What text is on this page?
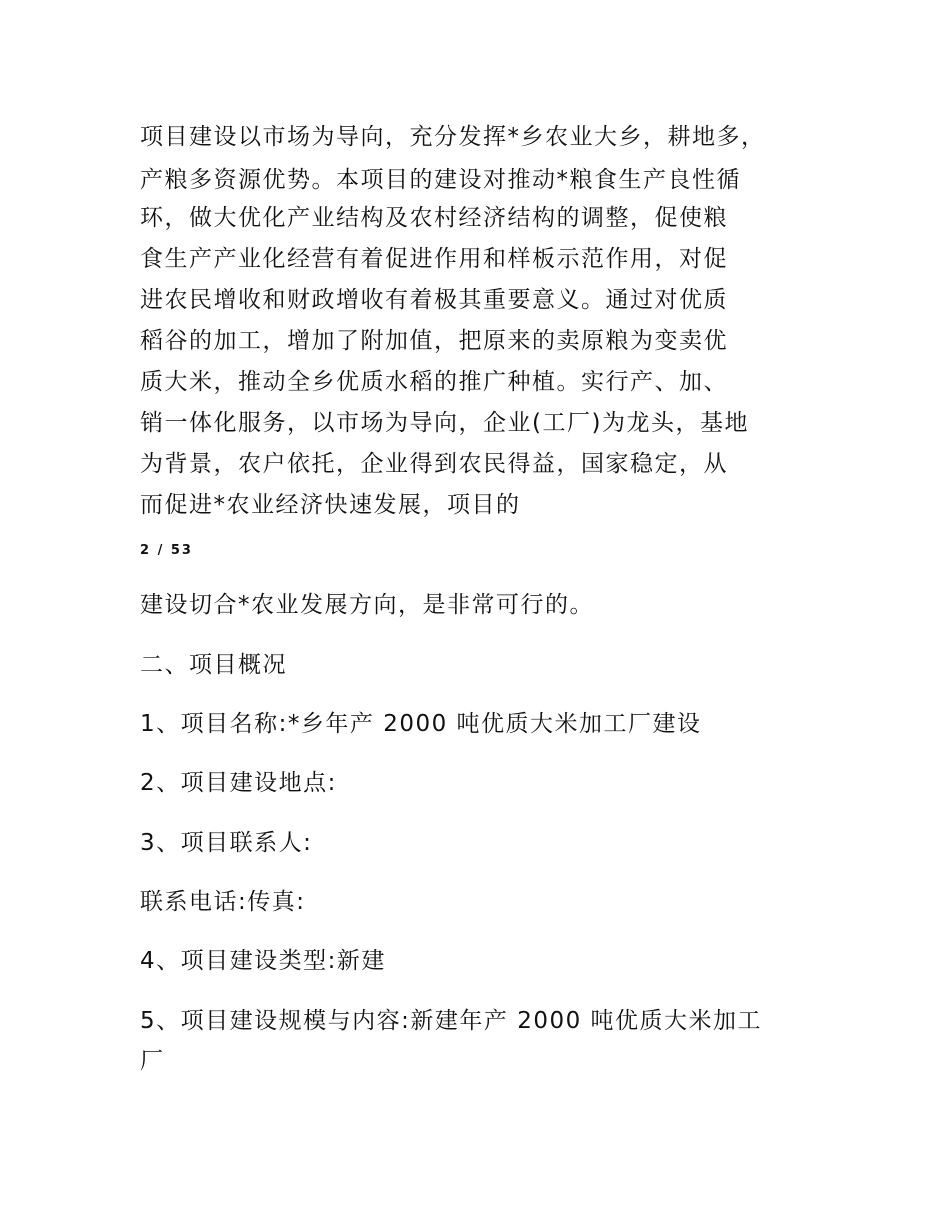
项目建设以市场为导向，充分发挥*乡农业大乡，耕地多，
产粮多资源优势。本项目的建设对推动*粮食生产良性循
环，做大优化产业结构及农村经济结构的调整，促使粮
食生产产业化经营有着促进作用和样板示范作用，对促
进农民增收和财政增收有着极其重要意义。通过对优质
稻谷的加工，增加了附加值，把原来的卖原粮为变卖优
质大米，推动全乡优质水稻的推广种植。实行产、加、
销一体化服务，以市场为导向，企业(工厂)为龙头，基地
为背景，农户依托，企业得到农民得益，国家稳定，从
而促进*农业经济快速发展，项目的
2 / 53
建设切合*农业发展方向，是非常可行的。
二、项目概况
1、项目名称:*乡年产 2000 吨优质大米加工厂建设
2、项目建设地点:
3、项目联系人:
联系电话:传真:
4、项目建设类型:新建
5、项目建设规模与内容:新建年产 2000 吨优质大米加工
厂
